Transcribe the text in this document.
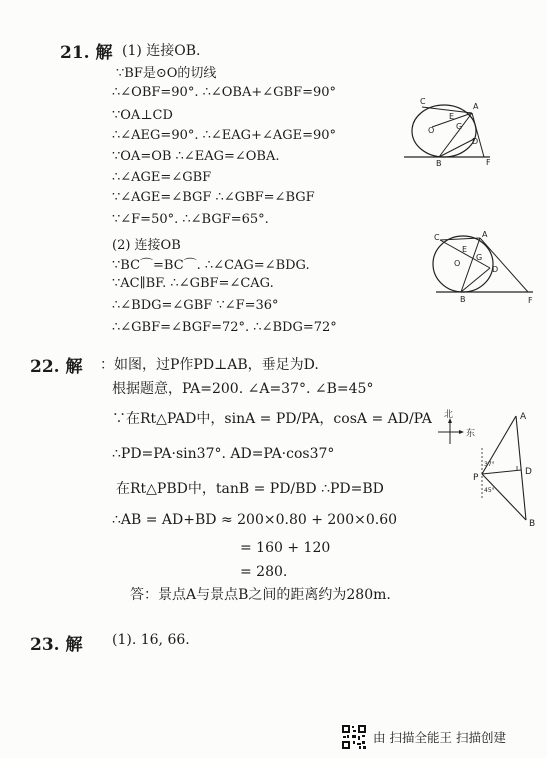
21. 解 (1) 连接OB.
∵BF是⊙O的切线
∴∠OBF=90°. ∴∠OBA+∠GBF=90°
∵OA⊥CD
∴∠AEG=90°. ∴∠EAG+∠AGE=90°
∵OA=OB ∴∠EAG=∠OBA.
∴∠AGE=∠GBF
∵∠AGE=∠BGF ∴∠GBF=∠BGF
∵∠F=50°. ∴∠BGF=65°.
(2) 连接OB
∵BC⌒=BC⌒. ∴∠CAG=∠BDG.
∵AC∥BF. ∴∠GBF=∠CAG.
∴∠BDG=∠GBF ∵∠F=36°
∴∠GBF=∠BGF=72°. ∴∠BDG=72°
C
A
E
O	G
D
B	F
C	A
E
G
O
D
B	F
22. 解 ：如图，过P作PD⊥AB，垂足为D.
根据题意，PA=200. ∠A=37°. ∠B=45°
∵在Rt△PAD中，sinA = PD/PA，cosA = AD/PA
∴PD=PA·sin37°. AD=PA·cos37°
在Rt△PBD中，tanB = PD/BD ∴PD=BD
∴AB = AD+BD ≈ 200×0.80 + 200×0.60
= 160 + 120
= 280.
答：景点A与景点B之间的距离约为280m.
北
东
A
D
P
B
37°
45°
23. 解 (1). 16, 66.
由 扫描全能王 扫描创建
